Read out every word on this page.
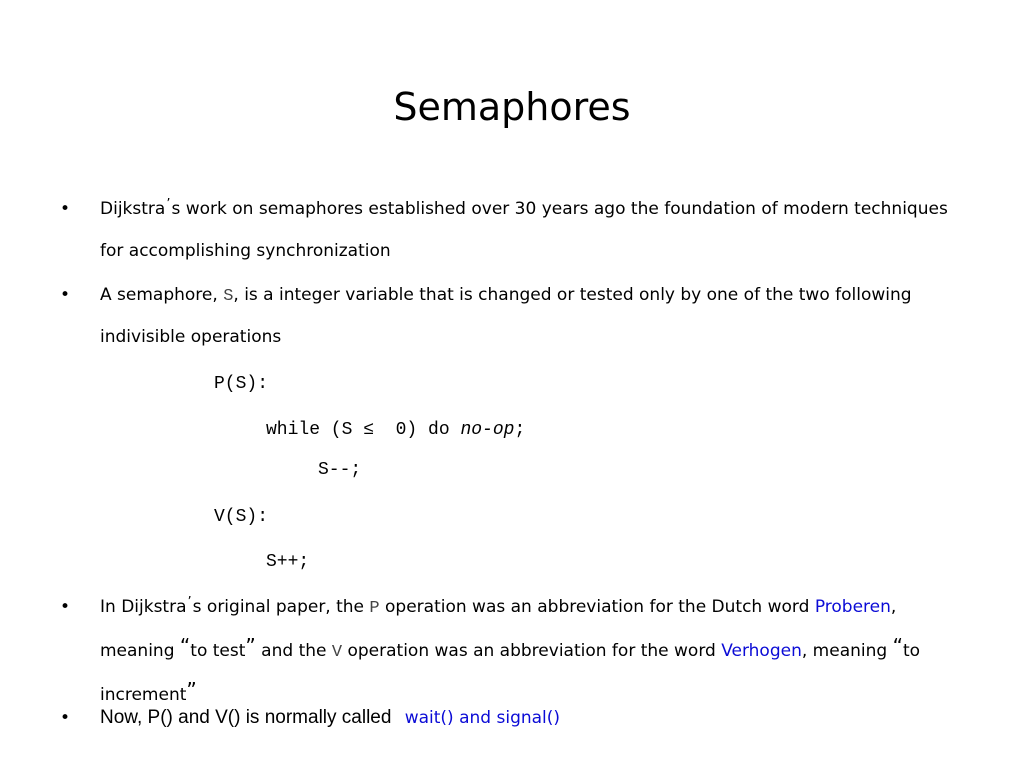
Semaphores
•	Dijkstra’s work on semaphores established over 30 years ago the foundation of modern techniques
for accomplishing synchronization
•	A semaphore, S, is a integer variable that is changed or tested only by one of the two following
indivisible operations
P(S):
while (S ≤  0) do no-op;
S--;
V(S):
S++;
•	In Dijkstra’s original paper, the P operation was an abbreviation for the Dutch word Proberen,
meaning “to test” and the V operation was an abbreviation for the word Verhogen, meaning “to
increment”
•	Now, P() and V() is normally called wait() and signal()
